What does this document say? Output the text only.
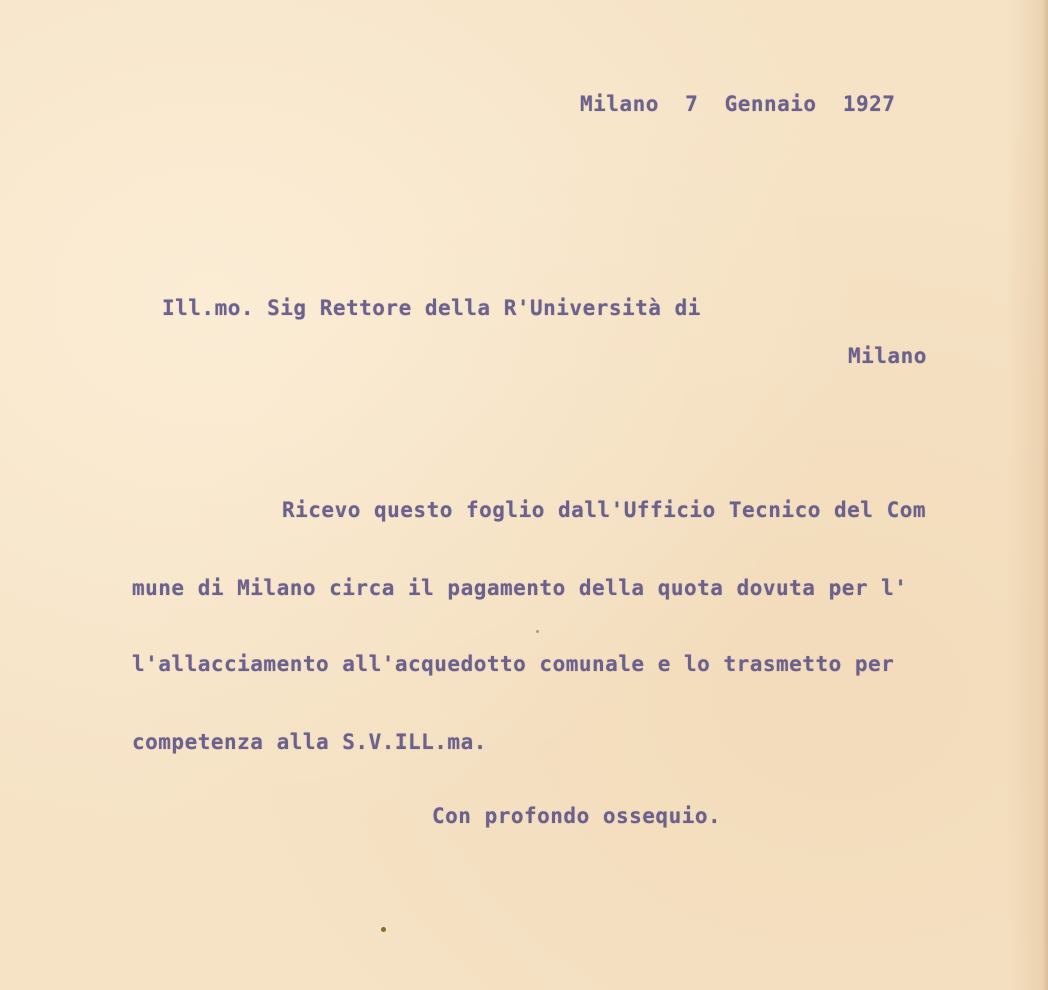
Milano  7  Gennaio  1927
Ill.mo. Sig Rettore della R'Università di
Milano
Ricevo questo foglio dall'Ufficio Tecnico del Com
mune di Milano circa il pagamento della quota dovuta per l'
l'allacciamento all'acquedotto comunale e lo trasmetto per
competenza alla S.V.ILL.ma.
Con profondo ossequio.
